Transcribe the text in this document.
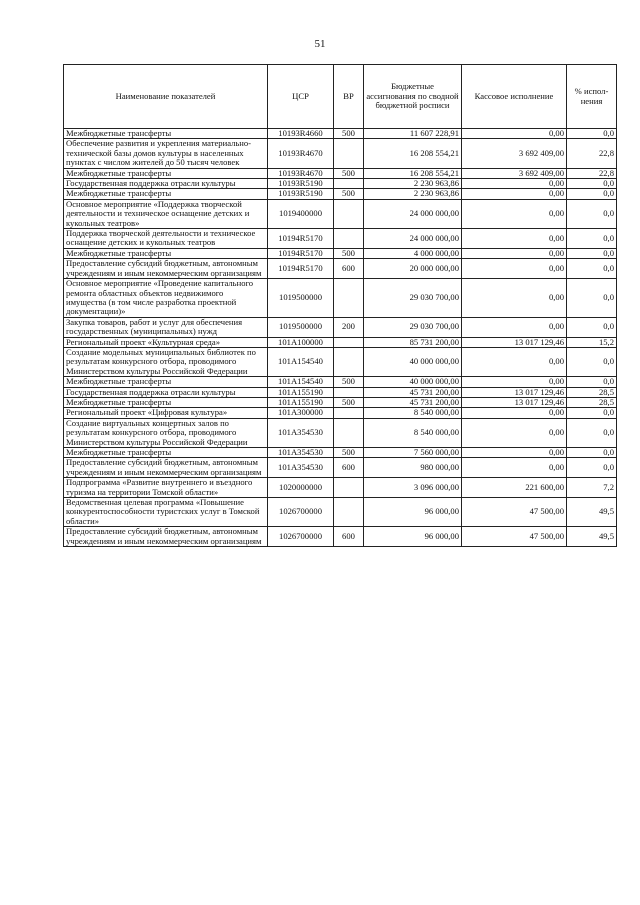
51
Наименование показателей	ЦСР	ВР	Бюджетные ассигнования по сводной бюджетной росписи	Кассовое исполнение	% испол-нения
Межбюджетные трансферты	10193R4660	500	11 607 228,91	0,00	0,0
Обеспечение развития и укрепления материально-технической базы домов культуры в населенных пунктах с числом жителей до 50 тысяч человек	10193R4670		16 208 554,21	3 692 409,00	22,8
Межбюджетные трансферты	10193R4670	500	16 208 554,21	3 692 409,00	22,8
Государственная поддержка отрасли культуры	10193R5190		2 230 963,86	0,00	0,0
Межбюджетные трансферты	10193R5190	500	2 230 963,86	0,00	0,0
Основное мероприятие «Поддержка творческой деятельности и техническое оснащение детских и кукольных театров»	1019400000		24 000 000,00	0,00	0,0
Поддержка творческой деятельности и техническое оснащение детских и кукольных театров	10194R5170		24 000 000,00	0,00	0,0
Межбюджетные трансферты	10194R5170	500	4 000 000,00	0,00	0,0
Предоставление субсидий бюджетным, автономным учреждениям и иным некоммерческим организациям	10194R5170	600	20 000 000,00	0,00	0,0
Основное мероприятие «Проведение капитального ремонта областных объектов недвижимого имущества (в том числе разработка проектной документации)»	1019500000		29 030 700,00	0,00	0,0
Закупка товаров, работ и услуг для обеспечения государственных (муниципальных) нужд	1019500000	200	29 030 700,00	0,00	0,0
Региональный проект «Культурная среда»	101A100000		85 731 200,00	13 017 129,46	15,2
Создание модельных муниципальных библиотек по результатам конкурсного отбора, проводимого Министерством культуры Российской Федерации	101A154540		40 000 000,00	0,00	0,0
Межбюджетные трансферты	101A154540	500	40 000 000,00	0,00	0,0
Государственная поддержка отрасли культуры	101A155190		45 731 200,00	13 017 129,46	28,5
Межбюджетные трансферты	101A155190	500	45 731 200,00	13 017 129,46	28,5
Региональный проект «Цифровая культура»	101A300000		8 540 000,00	0,00	0,0
Создание виртуальных концертных залов по результатам конкурсного отбора, проводимого Министерством культуры Российской Федерации	101A354530		8 540 000,00	0,00	0,0
Межбюджетные трансферты	101A354530	500	7 560 000,00	0,00	0,0
Предоставление субсидий бюджетным, автономным учреждениям и иным некоммерческим организациям	101A354530	600	980 000,00	0,00	0,0
Подпрограмма «Развитие внутреннего и въездного туризма на территории Томской области»	1020000000		3 096 000,00	221 600,00	7,2
Ведомственная целевая программа «Повышение конкурентоспособности туристских услуг в Томской области»	1026700000		96 000,00	47 500,00	49,5
Предоставление субсидий бюджетным, автономным учреждениям и иным некоммерческим организациям	1026700000	600	96 000,00	47 500,00	49,5
